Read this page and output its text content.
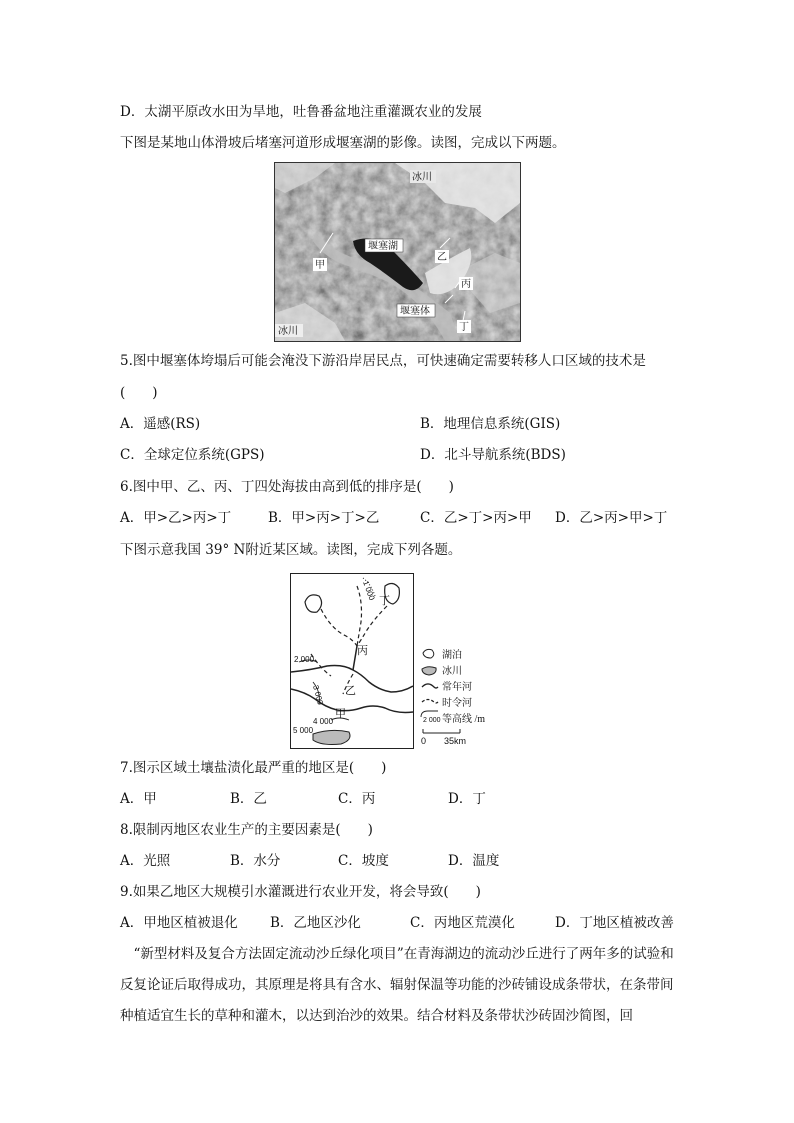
D．太湖平原改水田为旱地，吐鲁番盆地注重灌溉农业的发展
下图是某地山体滑坡后堵塞河道形成堰塞湖的影像。读图，完成以下两题。
冰川
堰塞湖
甲
乙
丙
堰塞体
丁
冰川
5.图中堰塞体垮塌后可能会淹没下游沿岸居民点，可快速确定需要转移人口区域的技术是
(　　)
A．遥感(RS)	B．地理信息系统(GIS)
C．全球定位系统(GPS)	D．北斗导航系统(BDS)
6.图中甲、乙、丙、丁四处海拔由高到低的排序是(　　)
A．甲>乙>丙>丁	B．甲>丙>丁>乙	C．乙>丁>丙>甲 D．乙>丙>甲>丁
下图示意我国 39° N附近某区域。读图，完成下列各题。
1 000 丁
丙
2 000
乙
3 000
甲
4 000
5 000
湖泊
冰川
常年河
时令河
2 000 等高线 /m
0 35km
7.图示区域土壤盐渍化最严重的地区是(　　)
A．甲	B．乙	C．丙	D．丁
8.限制丙地区农业生产的主要因素是(　　)
A．光照	B．水分	C．坡度	D．温度
9.如果乙地区大规模引水灌溉进行农业开发，将会导致(　　)
A．甲地区植被退化 B．乙地区沙化	C．丙地区荒漠化	D．丁地区植被改善
“新型材料及复合方法固定流动沙丘绿化项目”在青海湖边的流动沙丘进行了两年多的试验和反复论证后取得成功，其原理是将具有含水、辐射保温等功能的沙砖铺设成条带状，在条带间种植适宜生长的草种和灌木，以达到治沙的效果。结合材料及条带状沙砖固沙简图，回
